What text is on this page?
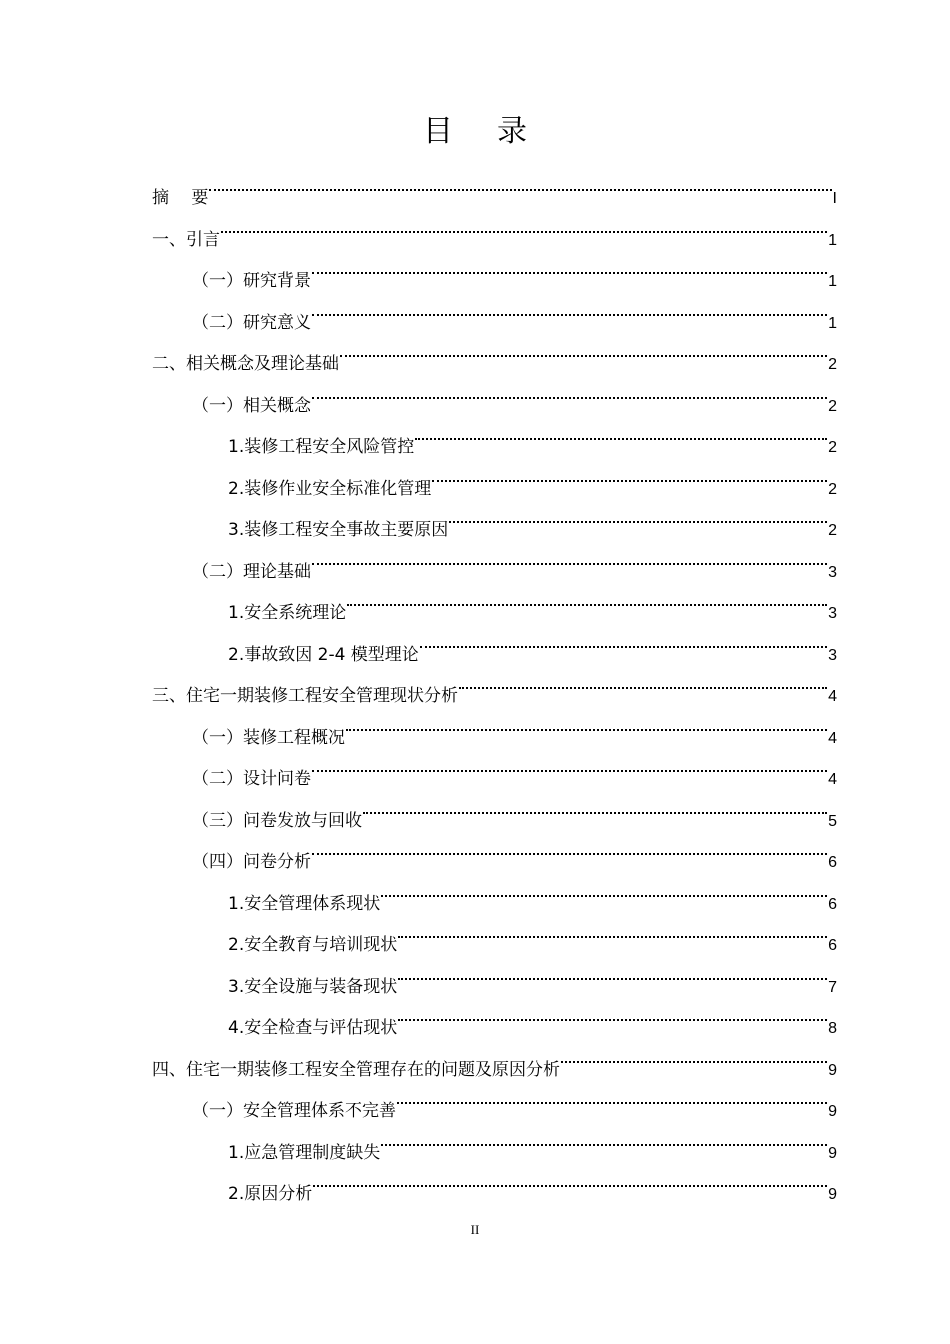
目 录
摘　 要	I
一、引言	1
（一）研究背景	1
（二）研究意义	1
二、相关概念及理论基础	2
（一）相关概念	2
1.装修工程安全风险管控	2
2.装修作业安全标准化管理	2
3.装修工程安全事故主要原因	2
（二）理论基础	3
1.安全系统理论	3
2.事故致因 2-4 模型理论	3
三、住宅一期装修工程安全管理现状分析	4
（一）装修工程概况	4
（二）设计问卷	4
（三）问卷发放与回收	5
（四）问卷分析	6
1.安全管理体系现状	6
2.安全教育与培训现状	6
3.安全设施与装备现状	7
4.安全检查与评估现状	8
四、住宅一期装修工程安全管理存在的问题及原因分析	9
（一）安全管理体系不完善	9
1.应急管理制度缺失	9
2.原因分析	9
II
